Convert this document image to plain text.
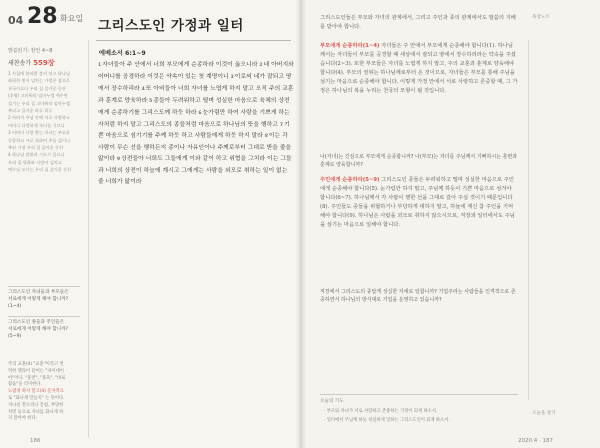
04 28 화요일
말씀읽기: 잠언 4~8
새찬송가 559장
1 사철에 봄바람 불어 잇고 하나님
화평한 빛이 넘치는 가정은 참으로
천국이로다 우리 집 즐거운 동산
(후렴) 고마워라 임마누엘 예수만
섬기는 우리 집 고마워라 임마누엘
복되고 즐거운 하루 하루
2 아버지 주님 안에 서로 사랑하고
어머니 다정하게 자녀를 기르니
3 어버이 사랑 받는 자녀는 부모를
순종하고 서로 위하여 주를 섬기니
복된 가정 우리 집 즐거운 동산
4 하나님 말씀과 기도가 있으니
우리 집 평화와 사랑이 넘치고
예수님 모시는 우리 집 즐거운 동산
그리스도인 자녀들과 부모들은
서로에게 어떻게 해야 합니까?(1~4)
그리스도인 종들과 주인들은
서로에게 어떻게 해야 합니까?
(5~9)
주의 교훈(4) "교훈"이라고 번
역한 헬라어 단어는 "파이데이
아"이다. "훈련", "훈육", "바로
잡음"을 의미한다.
노엽게 하지 말고(4) 문자적으
로 "화나게 만들지" 는 뜻이다.
지나친 잔소리나 간섭, 부당한
처벌 등으로 자녀를 화나게 하
지 말아야 한다.
186
그리스도인 가정과 일터
에베소서 6:1~9
1자녀들아 주 안에서 너희 부모에게 순종하라 이것이 옳으니라 2네 아버지와 어머니를 공경하라 이것은 약속이 있는 첫 계명이니 3이로써 네가 잘되고 땅에서 장수하리라 4또 아비들아 너희 자녀를 노엽게 하지 말고 오직 주의 교훈과 훈계로 양육하라 5종들아 두려워하고 떨며 성실한 마음으로 육체의 상전에게 순종하기를 그리스도께 하듯 하라 6눈가림만 하여 사람을 기쁘게 하는 자처럼 하지 말고 그리스도의 종들처럼 마음으로 하나님의 뜻을 행하고 7기쁜 마음으로 섬기기를 주께 하듯 하고 사람들에게 하듯 하지 말라 8이는 각 사람이 무슨 선을 행하든지 종이나 자유인이나 주께로부터 그대로 받을 줄을 앎이라 9상전들아 너희도 그들에게 이와 같이 하고 위협을 그치라 이는 그들과 너희의 상전이 하늘에 계시고 그에게는 사람을 외모로 취하는 일이 없는 줄 너희가 앎이라
그리스도인들은 부모와 자녀의 관계에서, 그리고 주인과 종의 관계에서도 말씀의 지배를 받아야 합니다.
부모에게 순종하라(1~4) 자녀들은 주 안에서 부모에게 순종해야 합니다(1). 하나님께서는 자녀들이 부모를 공경할 때 세상에서 잘되고 땅에서 장수하리라는 약속을 주셨습니다(2~3). 또한 부모들은 자녀를 노엽게 하지 말고, 주의 교훈과 훈계로 양육해야 합니다(4). 부모의 권위는 하나님께로부터 온 것이므로, 자녀들은 부모를 통해 주님을 섬기는 마음으로 순종해야 합니다. 이렇게 가정 안에서 서로 사랑하고 존중할 때, 그 가정은 하나님의 복을 누리는 천국의 모형이 될 것입니다.
나(자녀)는 진심으로 부모에게 순종합니까? 나(부모)는 자녀를 주님께서 기뻐하시는 훈련과 훈계로 양육합니까?
주인에게 순종하라(5~9) 그리스도인 종들은 두려워하고 떨며 성실한 마음으로 주인에게 순종해야 합니다(5). 눈가림만 하지 말고, 주님께 하듯이 기쁜 마음으로 섬겨야 합니다(6~7). 하나님께서 각 사람이 행한 선을 그대로 갚아 주실 것이기 때문입니다(8). 주인들도 종들을 위협하거나 부당하게 대하지 말고, 하늘에 계신 참 주인을 기억해야 합니다(9). 하나님은 사람을 외모로 취하지 않으시므로, 직장과 일터에서도 주님을 섬기는 마음으로 일해야 합니다.
직장에서 그리스도의 종답게 성실한 자세로 일합니까? 기업주라는 사람들을 인격적으로 존중하면서 하나님의 방식대로 기업을 운영하고 있습니까?
오늘의 기도
· 부모와 자녀가 서로 사랑하고 존중하는 가정이 되게 하소서.
· 일터에서 주님께 하듯 성실하게 일하는 그리스도인이 되게 하소서.
묵상노트
오늘을 살기
2020.4 · 187
